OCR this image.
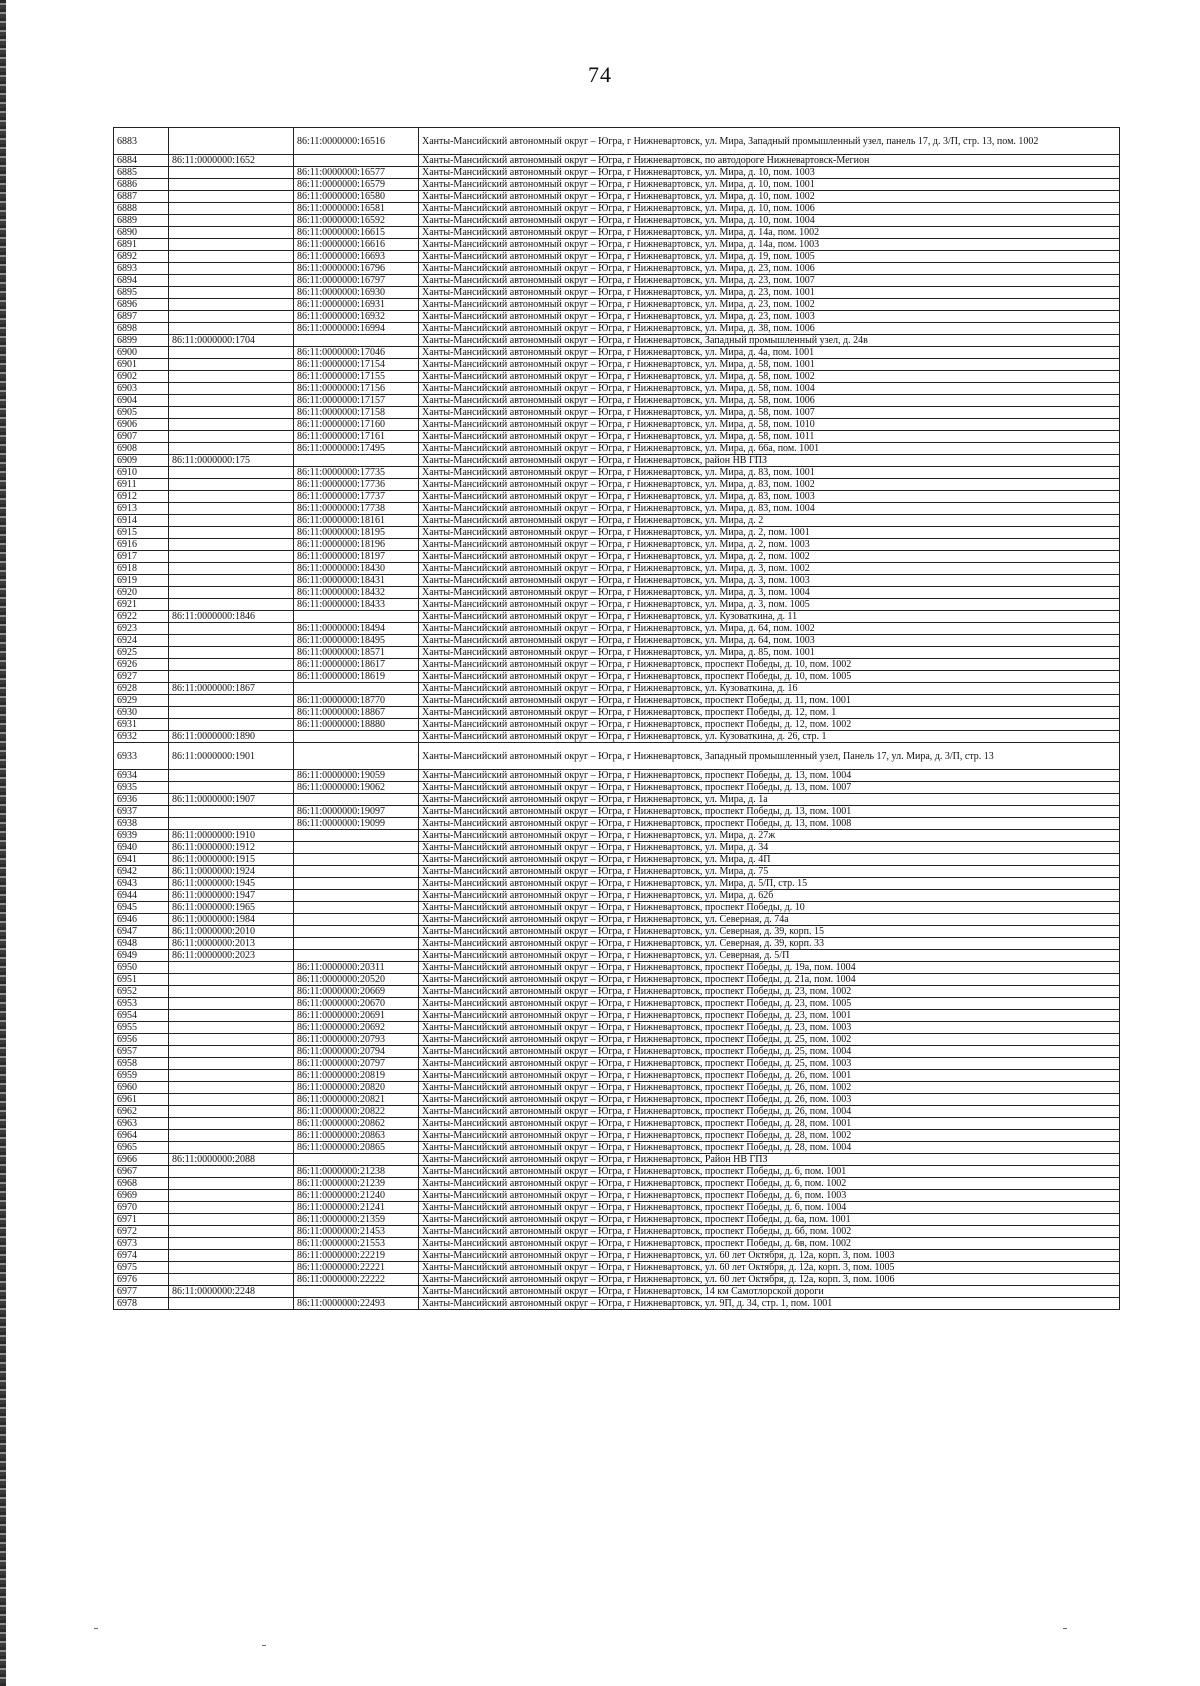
74
6883		86:11:0000000:16516	Ханты-Мансийский автономный округ – Югра, г Нижневартовск, ул. Мира, Западный промышленный узел, панель 17, д. 3/П, стр. 13, пом. 1002
6884	86:11:0000000:1652		Ханты-Мансийский автономный округ – Югра, г Нижневартовск, по автодороге Нижневартовск-Мегион
6885		86:11:0000000:16577	Ханты-Мансийский автономный округ – Югра, г Нижневартовск, ул. Мира, д. 10, пом. 1003
6886		86:11:0000000:16579	Ханты-Мансийский автономный округ – Югра, г Нижневартовск, ул. Мира, д. 10, пом. 1001
6887		86:11:0000000:16580	Ханты-Мансийский автономный округ – Югра, г Нижневартовск, ул. Мира, д. 10, пом. 1002
6888		86:11:0000000:16581	Ханты-Мансийский автономный округ – Югра, г Нижневартовск, ул. Мира, д. 10, пом. 1006
6889		86:11:0000000:16592	Ханты-Мансийский автономный округ – Югра, г Нижневартовск, ул. Мира, д. 10, пом. 1004
6890		86:11:0000000:16615	Ханты-Мансийский автономный округ – Югра, г Нижневартовск, ул. Мира, д. 14а, пом. 1002
6891		86:11:0000000:16616	Ханты-Мансийский автономный округ – Югра, г Нижневартовск, ул. Мира, д. 14а, пом. 1003
6892		86:11:0000000:16693	Ханты-Мансийский автономный округ – Югра, г Нижневартовск, ул. Мира, д. 19, пом. 1005
6893		86:11:0000000:16796	Ханты-Мансийский автономный округ – Югра, г Нижневартовск, ул. Мира, д. 23, пом. 1006
6894		86:11:0000000:16797	Ханты-Мансийский автономный округ – Югра, г Нижневартовск, ул. Мира, д. 23, пом. 1007
6895		86:11:0000000:16930	Ханты-Мансийский автономный округ – Югра, г Нижневартовск, ул. Мира, д. 23, пом. 1001
6896		86:11:0000000:16931	Ханты-Мансийский автономный округ – Югра, г Нижневартовск, ул. Мира, д. 23, пом. 1002
6897		86:11:0000000:16932	Ханты-Мансийский автономный округ – Югра, г Нижневартовск, ул. Мира, д. 23, пом. 1003
6898		86:11:0000000:16994	Ханты-Мансийский автономный округ – Югра, г Нижневартовск, ул. Мира, д. 38, пом. 1006
6899	86:11:0000000:1704		Ханты-Мансийский автономный округ – Югра, г Нижневартовск, Западный промышленный узел, д. 24в
6900		86:11:0000000:17046	Ханты-Мансийский автономный округ – Югра, г Нижневартовск, ул. Мира, д. 4а, пом. 1001
6901		86:11:0000000:17154	Ханты-Мансийский автономный округ – Югра, г Нижневартовск, ул. Мира, д. 58, пом. 1001
6902		86:11:0000000:17155	Ханты-Мансийский автономный округ – Югра, г Нижневартовск, ул. Мира, д. 58, пом. 1002
6903		86:11:0000000:17156	Ханты-Мансийский автономный округ – Югра, г Нижневартовск, ул. Мира, д. 58, пом. 1004
6904		86:11:0000000:17157	Ханты-Мансийский автономный округ – Югра, г Нижневартовск, ул. Мира, д. 58, пом. 1006
6905		86:11:0000000:17158	Ханты-Мансийский автономный округ – Югра, г Нижневартовск, ул. Мира, д. 58, пом. 1007
6906		86:11:0000000:17160	Ханты-Мансийский автономный округ – Югра, г Нижневартовск, ул. Мира, д. 58, пом. 1010
6907		86:11:0000000:17161	Ханты-Мансийский автономный округ – Югра, г Нижневартовск, ул. Мира, д. 58, пом. 1011
6908		86:11:0000000:17495	Ханты-Мансийский автономный округ – Югра, г Нижневартовск, ул. Мира, д. 66а, пом. 1001
6909	86:11:0000000:175		Ханты-Мансийский автономный округ – Югра, г Нижневартовск, район НВ ГПЗ
6910		86:11:0000000:17735	Ханты-Мансийский автономный округ – Югра, г Нижневартовск, ул. Мира, д. 83, пом. 1001
6911		86:11:0000000:17736	Ханты-Мансийский автономный округ – Югра, г Нижневартовск, ул. Мира, д. 83, пом. 1002
6912		86:11:0000000:17737	Ханты-Мансийский автономный округ – Югра, г Нижневартовск, ул. Мира, д. 83, пом. 1003
6913		86:11:0000000:17738	Ханты-Мансийский автономный округ – Югра, г Нижневартовск, ул. Мира, д. 83, пом. 1004
6914		86:11:0000000:18161	Ханты-Мансийский автономный округ – Югра, г Нижневартовск, ул. Мира, д. 2
6915		86:11:0000000:18195	Ханты-Мансийский автономный округ – Югра, г Нижневартовск, ул. Мира, д. 2, пом. 1001
6916		86:11:0000000:18196	Ханты-Мансийский автономный округ – Югра, г Нижневартовск, ул. Мира, д. 2, пом. 1003
6917		86:11:0000000:18197	Ханты-Мансийский автономный округ – Югра, г Нижневартовск, ул. Мира, д. 2, пом. 1002
6918		86:11:0000000:18430	Ханты-Мансийский автономный округ – Югра, г Нижневартовск, ул. Мира, д. 3, пом. 1002
6919		86:11:0000000:18431	Ханты-Мансийский автономный округ – Югра, г Нижневартовск, ул. Мира, д. 3, пом. 1003
6920		86:11:0000000:18432	Ханты-Мансийский автономный округ – Югра, г Нижневартовск, ул. Мира, д. 3, пом. 1004
6921		86:11:0000000:18433	Ханты-Мансийский автономный округ – Югра, г Нижневартовск, ул. Мира, д. 3, пом. 1005
6922	86:11:0000000:1846		Ханты-Мансийский автономный округ – Югра, г Нижневартовск, ул. Кузоваткина, д. 11
6923		86:11:0000000:18494	Ханты-Мансийский автономный округ – Югра, г Нижневартовск, ул. Мира, д. 64, пом. 1002
6924		86:11:0000000:18495	Ханты-Мансийский автономный округ – Югра, г Нижневартовск, ул. Мира, д. 64, пом. 1003
6925		86:11:0000000:18571	Ханты-Мансийский автономный округ – Югра, г Нижневартовск, ул. Мира, д. 85, пом. 1001
6926		86:11:0000000:18617	Ханты-Мансийский автономный округ – Югра, г Нижневартовск, проспект Победы, д. 10, пом. 1002
6927		86:11:0000000:18619	Ханты-Мансийский автономный округ – Югра, г Нижневартовск, проспект Победы, д. 10, пом. 1005
6928	86:11:0000000:1867		Ханты-Мансийский автономный округ – Югра, г Нижневартовск, ул. Кузоваткина, д. 16
6929		86:11:0000000:18770	Ханты-Мансийский автономный округ – Югра, г Нижневартовск, проспект Победы, д. 11, пом. 1001
6930		86:11:0000000:18867	Ханты-Мансийский автономный округ – Югра, г Нижневартовск, проспект Победы, д. 12, пом. 1
6931		86:11:0000000:18880	Ханты-Мансийский автономный округ – Югра, г Нижневартовск, проспект Победы, д. 12, пом. 1002
6932	86:11:0000000:1890		Ханты-Мансийский автономный округ – Югра, г Нижневартовск, ул. Кузоваткина, д. 26, стр. 1
6933	86:11:0000000:1901		Ханты-Мансийский автономный округ – Югра, г Нижневартовск, Западный промышленный узел, Панель 17, ул. Мира, д. 3/П, стр. 13
6934		86:11:0000000:19059	Ханты-Мансийский автономный округ – Югра, г Нижневартовск, проспект Победы, д. 13, пом. 1004
6935		86:11:0000000:19062	Ханты-Мансийский автономный округ – Югра, г Нижневартовск, проспект Победы, д. 13, пом. 1007
6936	86:11:0000000:1907		Ханты-Мансийский автономный округ – Югра, г Нижневартовск, ул. Мира, д. 1а
6937		86:11:0000000:19097	Ханты-Мансийский автономный округ – Югра, г Нижневартовск, проспект Победы, д. 13, пом. 1001
6938		86:11:0000000:19099	Ханты-Мансийский автономный округ – Югра, г Нижневартовск, проспект Победы, д. 13, пом. 1008
6939	86:11:0000000:1910		Ханты-Мансийский автономный округ – Югра, г Нижневартовск, ул. Мира, д. 27ж
6940	86:11:0000000:1912		Ханты-Мансийский автономный округ – Югра, г Нижневартовск, ул. Мира, д. 34
6941	86:11:0000000:1915		Ханты-Мансийский автономный округ – Югра, г Нижневартовск, ул. Мира, д. 4П
6942	86:11:0000000:1924		Ханты-Мансийский автономный округ – Югра, г Нижневартовск, ул. Мира, д. 75
6943	86:11:0000000:1945		Ханты-Мансийский автономный округ – Югра, г Нижневартовск, ул. Мира, д. 5/П, стр. 15
6944	86:11:0000000:1947		Ханты-Мансийский автономный округ – Югра, г Нижневартовск, ул. Мира, д. 62б
6945	86:11:0000000:1965		Ханты-Мансийский автономный округ – Югра, г Нижневартовск, проспект Победы, д. 10
6946	86:11:0000000:1984		Ханты-Мансийский автономный округ – Югра, г Нижневартовск, ул. Северная, д. 74а
6947	86:11:0000000:2010		Ханты-Мансийский автономный округ – Югра, г Нижневартовск, ул. Северная, д. 39, корп. 15
6948	86:11:0000000:2013		Ханты-Мансийский автономный округ – Югра, г Нижневартовск, ул. Северная, д. 39, корп. 33
6949	86:11:0000000:2023		Ханты-Мансийский автономный округ – Югра, г Нижневартовск, ул. Северная, д. 5/П
6950		86:11:0000000:20311	Ханты-Мансийский автономный округ – Югра, г Нижневартовск, проспект Победы, д. 19а, пом. 1004
6951		86:11:0000000:20520	Ханты-Мансийский автономный округ – Югра, г Нижневартовск, проспект Победы, д. 21а, пом. 1004
6952		86:11:0000000:20669	Ханты-Мансийский автономный округ – Югра, г Нижневартовск, проспект Победы, д. 23, пом. 1002
6953		86:11:0000000:20670	Ханты-Мансийский автономный округ – Югра, г Нижневартовск, проспект Победы, д. 23, пом. 1005
6954		86:11:0000000:20691	Ханты-Мансийский автономный округ – Югра, г Нижневартовск, проспект Победы, д. 23, пом. 1001
6955		86:11:0000000:20692	Ханты-Мансийский автономный округ – Югра, г Нижневартовск, проспект Победы, д. 23, пом. 1003
6956		86:11:0000000:20793	Ханты-Мансийский автономный округ – Югра, г Нижневартовск, проспект Победы, д. 25, пом. 1002
6957		86:11:0000000:20794	Ханты-Мансийский автономный округ – Югра, г Нижневартовск, проспект Победы, д. 25, пом. 1004
6958		86:11:0000000:20797	Ханты-Мансийский автономный округ – Югра, г Нижневартовск, проспект Победы, д. 25, пом. 1003
6959		86:11:0000000:20819	Ханты-Мансийский автономный округ – Югра, г Нижневартовск, проспект Победы, д. 26, пом. 1001
6960		86:11:0000000:20820	Ханты-Мансийский автономный округ – Югра, г Нижневартовск, проспект Победы, д. 26, пом. 1002
6961		86:11:0000000:20821	Ханты-Мансийский автономный округ – Югра, г Нижневартовск, проспект Победы, д. 26, пом. 1003
6962		86:11:0000000:20822	Ханты-Мансийский автономный округ – Югра, г Нижневартовск, проспект Победы, д. 26, пом. 1004
6963		86:11:0000000:20862	Ханты-Мансийский автономный округ – Югра, г Нижневартовск, проспект Победы, д. 28, пом. 1001
6964		86:11:0000000:20863	Ханты-Мансийский автономный округ – Югра, г Нижневартовск, проспект Победы, д. 28, пом. 1002
6965		86:11:0000000:20865	Ханты-Мансийский автономный округ – Югра, г Нижневартовск, проспект Победы, д. 28, пом. 1004
6966	86:11:0000000:2088		Ханты-Мансийский автономный округ – Югра, г Нижневартовск, Район НВ ГПЗ
6967		86:11:0000000:21238	Ханты-Мансийский автономный округ – Югра, г Нижневартовск, проспект Победы, д. 6, пом. 1001
6968		86:11:0000000:21239	Ханты-Мансийский автономный округ – Югра, г Нижневартовск, проспект Победы, д. 6, пом. 1002
6969		86:11:0000000:21240	Ханты-Мансийский автономный округ – Югра, г Нижневартовск, проспект Победы, д. 6, пом. 1003
6970		86:11:0000000:21241	Ханты-Мансийский автономный округ – Югра, г Нижневартовск, проспект Победы, д. 6, пом. 1004
6971		86:11:0000000:21359	Ханты-Мансийский автономный округ – Югра, г Нижневартовск, проспект Победы, д. 6а, пом. 1001
6972		86:11:0000000:21453	Ханты-Мансийский автономный округ – Югра, г Нижневартовск, проспект Победы, д. 6б, пом. 1002
6973		86:11:0000000:21553	Ханты-Мансийский автономный округ – Югра, г Нижневартовск, проспект Победы, д. 6в, пом. 1002
6974		86:11:0000000:22219	Ханты-Мансийский автономный округ – Югра, г Нижневартовск, ул. 60 лет Октября, д. 12а, корп. 3, пом. 1003
6975		86:11:0000000:22221	Ханты-Мансийский автономный округ – Югра, г Нижневартовск, ул. 60 лет Октября, д. 12а, корп. 3, пом. 1005
6976		86:11:0000000:22222	Ханты-Мансийский автономный округ – Югра, г Нижневартовск, ул. 60 лет Октября, д. 12а, корп. 3, пом. 1006
6977	86:11:0000000:2248		Ханты-Мансийский автономный округ – Югра, г Нижневартовск, 14 км Самотлорской дороги
6978		86:11:0000000:22493	Ханты-Мансийский автономный округ – Югра, г Нижневартовск, ул. 9П, д. 34, стр. 1, пом. 1001
